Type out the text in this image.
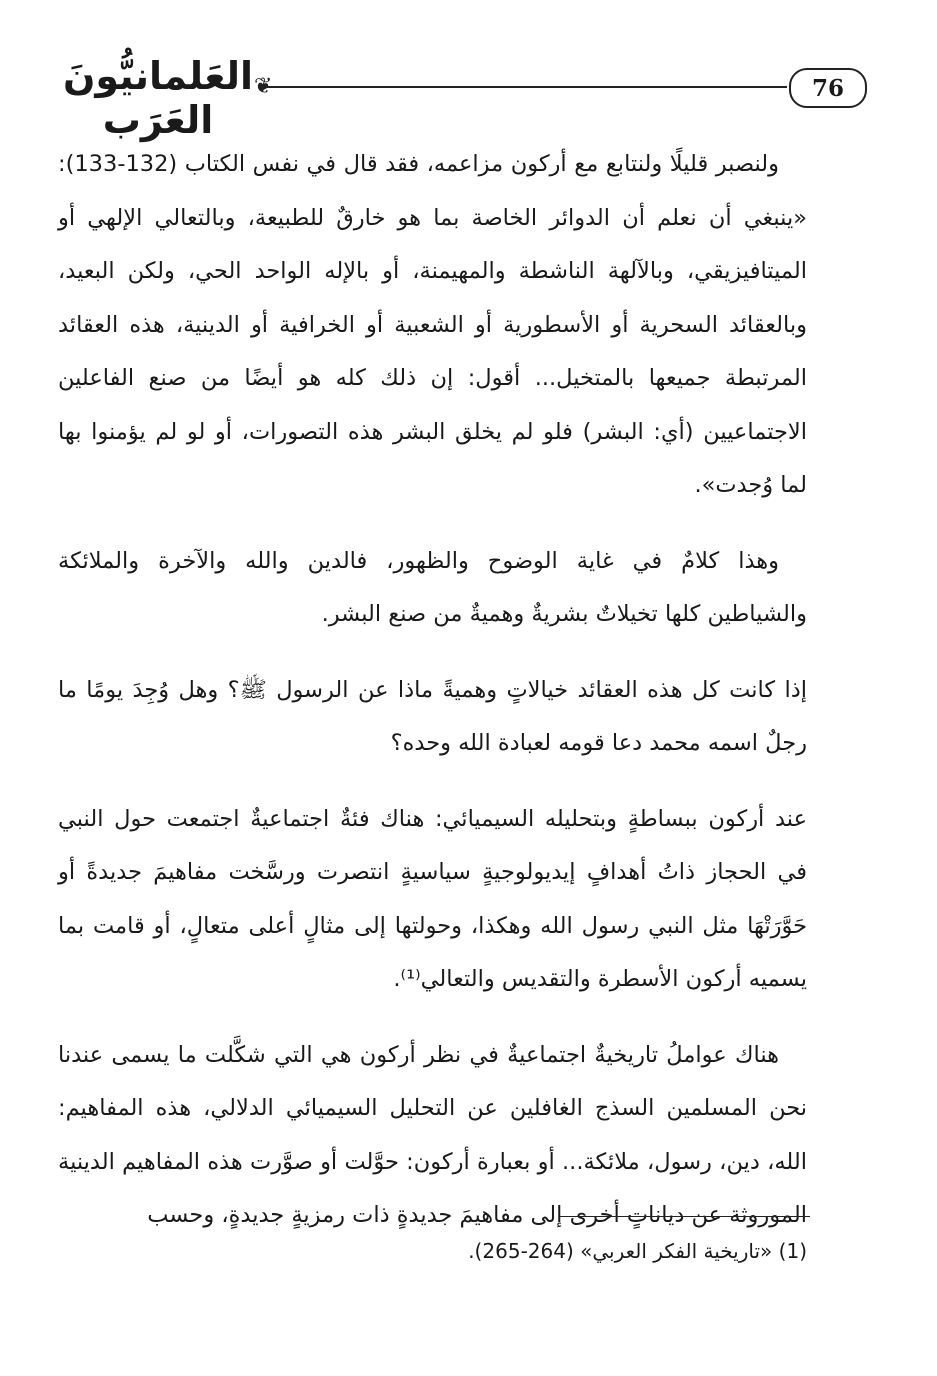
76
❦
العَلمانيُّونَ العَرَب

ولنصبر قليلًا ولنتابع مع أركون مزاعمه، فقد قال في نفس الكتاب (132-133): «ينبغي أن نعلم أن الدوائر الخاصة بما هو خارقٌ للطبيعة، وبالتعالي الإلهي أو الميتافيزيقي، وبالآلهة الناشطة والمهيمنة، أو بالإله الواحد الحي، ولكن البعيد، وبالعقائد السحرية أو الأسطورية أو الشعبية أو الخرافية أو الدينية، هذه العقائد المرتبطة جميعها بالمتخيل... أقول: إن ذلك كله هو أيضًا من صنع الفاعلين الاجتماعيين (أي: البشر) فلو لم يخلق البشر هذه التصورات، أو لو لم يؤمنوا بها لما وُجدت».

وهذا كلامٌ في غاية الوضوح والظهور، فالدين والله والآخرة والملائكة والشياطين كلها تخيلاتٌ بشريةٌ وهميةٌ من صنع البشر.

إذا كانت كل هذه العقائد خيالاتٍ وهميةً ماذا عن الرسول ﷺ؟ وهل وُجِدَ يومًا ما رجلٌ اسمه محمد دعا قومه لعبادة الله وحده؟

عند أركون ببساطةٍ وبتحليله السيميائي: هناك فئةٌ اجتماعيةٌ اجتمعت حول النبي في الحجاز ذاتُ أهدافٍ إيديولوجيةٍ سياسيةٍ انتصرت ورسَّخت مفاهيمَ جديدةً أو حَوَّرَتْهَا مثل النبي رسول الله وهكذا، وحولتها إلى مثالٍ أعلى متعالٍ، أو قامت بما يسميه أركون الأسطرة والتقديس والتعالي⁽¹⁾.

هناك عواملُ تاريخيةٌ اجتماعيةٌ في نظر أركون هي التي شكَّلت ما يسمى عندنا نحن المسلمين السذج الغافلين عن التحليل السيميائي الدلالي، هذه المفاهيم: الله، دين، رسول، ملائكة... أو بعبارة أركون: حوَّلت أو صوَّرت هذه المفاهيم الدينية الموروثة عن دياناتٍ أخرى إلى مفاهيمَ جديدةٍ ذات رمزيةٍ جديدةٍ، وحسب

(1) «تاريخية الفكر العربي» (264-265).
